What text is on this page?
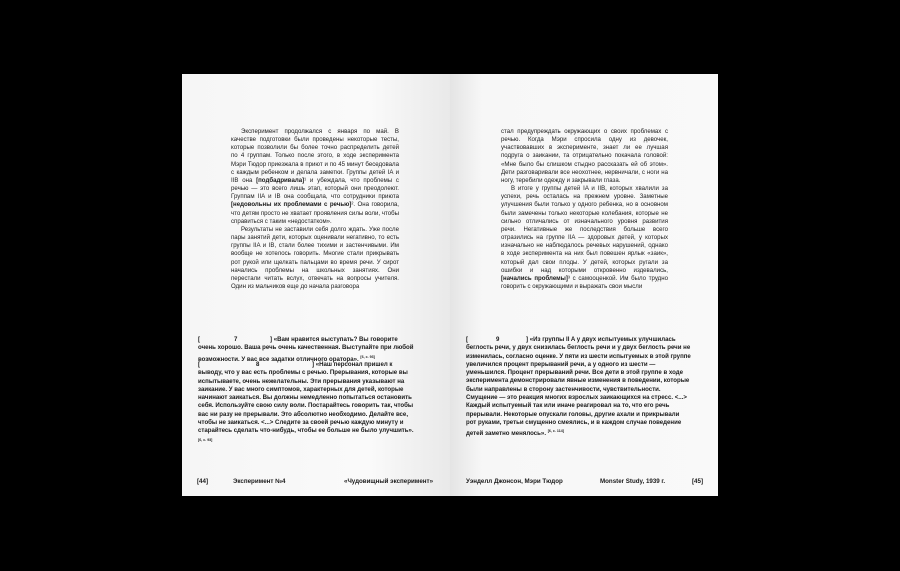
Эксперимент продолжался с января по май. В качестве подготовки были проведены некоторые тесты, которые позволили бы более точно распределить детей по 4 группам. Только после этого, в ходе эксперимента Мэри Тюдор приезжала в приют и по 45 минут беседовала с каждым ребенком и делала заметки. Группы детей IA и IIB она [подбадривала]¹ и убеждала, что проблемы с речью — это всего лишь этап, который они преодолеют. Группам IIA и IB она сообщала, что сотрудники приюта [недовольны их проблемами с речью]². Она говорила, что детям просто не хватает проявления силы воли, чтобы справиться с таким «недостатком».

Результаты не заставили себя долго ждать. Уже после пары занятий дети, которых оценивали негативно, то есть группы IIA и IB, стали более тихими и застенчивыми. Им вообще не хотелось говорить. Многие стали прикрывать рот рукой или щелкать пальцами во время речи. У сирот начались проблемы на школьных занятиях. Они перестали читать вслух, отвечать на вопросы учителя. Один из мальчиков еще до начала разговора

[	7	] «Вам нравится выступать? Вы говорите очень хорошо. Ваша речь очень качественная. Выступайте при любой возможности. У вас все задатки отличного оратора». [6, с. 93]

[	8	] «Наш персонал пришел к выводу, что у вас есть проблемы с речью. Прерывания, которые вы испытываете, очень нежелательны. Эти прерывания указывают на заикание. У вас много симптомов, характерных для детей, которые начинают заикаться. Вы должны немедленно попытаться остановить себя. Используйте свою силу воли. Постарайтесь говорить так, чтобы вас ни разу не прерывали. Это абсолютно необходимо. Делайте все, чтобы не заикаться. <...> Следите за своей речью каждую минуту и старайтесь сделать что-нибудь, чтобы ее больше не было улучшить». [6, с. 93]

[44]	Эксперимент №4	«Чудовищный эксперимент»

стал предупреждать окружающих о своих проблемах с речью. Когда Мэри спросила одну из девочек, участвовавших в эксперименте, знает ли ее лучшая подруга о заикании, та отрицательно покачала головой: «Мне было бы слишком стыдно рассказать ей об этом». Дети разговаривали все неохотнее, нервничали, с ноги на ногу, теребили одежду и закрывали глаза.

В итоге у группы детей IA и IIB, которых хвалили за успехи, речь осталась на прежнем уровне. Заметные улучшения были только у одного ребенка, но в основном были замечены только некоторые колебания, которые не сильно отличались от изначального уровня развития речи. Негативные же последствия больше всего отразились на группе IIA — здоровых детей, у которых изначально не наблюдалось речевых нарушений, однако в ходе эксперимента на них был повешен ярлык «заик», который дал свои плоды. У детей, которых ругали за ошибки и над которыми откровенно издевались, [начались проблемы]³ с самооценкой. Им было трудно говорить с окружающими и выражать свои мысли

[	9	] «Из группы II A у двух испытуемых улучшилась беглость речи, у двух снизилась беглость речи и у двух беглость речи не изменилась, согласно оценке. У пяти из шести испытуемых в этой группе увеличился процент прерываний речи, а у одного из шести — уменьшился. Процент прерываний речи. Все дети в этой группе в ходе эксперимента демонстрировали явные изменения в поведении, которые были направлены в сторону застенчивости, чувствительности. Смущение — это реакция многих взрослых заикающихся на стресс. <...> Каждый испытуемый так или иначе реагировал на то, что его речь прерывали. Некоторые опускали головы, другие ахали и прикрывали рот руками, третьи смущенно смеялись, и в каждом случае поведение детей заметно менялось». [6, с. 114]

Уэнделл Джонсон, Мэри Тюдор	Monster Study, 1939 г.	[45]
